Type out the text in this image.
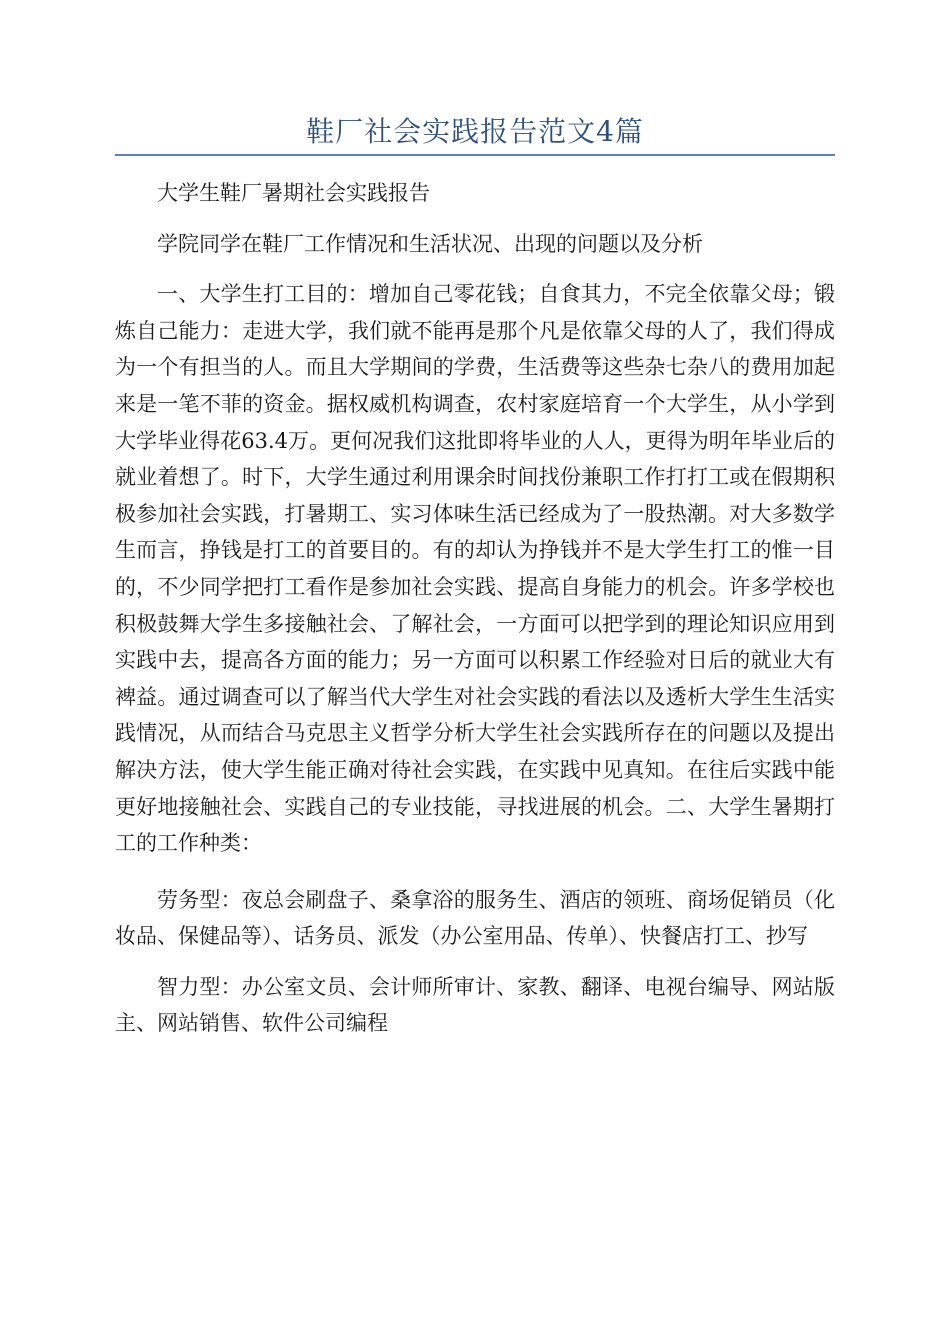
鞋厂社会实践报告范文4篇

大学生鞋厂暑期社会实践报告

学院同学在鞋厂工作情况和生活状况、出现的问题以及分析

一、大学生打工目的：增加自己零花钱；自食其力，不完全依靠父母；锻炼自己能力：走进大学，我们就不能再是那个凡是依靠父母的人了，我们得成为一个有担当的人。而且大学期间的学费，生活费等这些杂七杂八的费用加起来是一笔不菲的资金。据权威机构调查，农村家庭培育一个大学生，从小学到大学毕业得花63.4万。更何况我们这批即将毕业的人人，更得为明年毕业后的就业着想了。时下，大学生通过利用课余时间找份兼职工作打打工或在假期积极参加社会实践，打暑期工、实习体味生活已经成为了一股热潮。对大多数学生而言，挣钱是打工的首要目的。有的却认为挣钱并不是大学生打工的惟一目的，不少同学把打工看作是参加社会实践、提高自身能力的机会。许多学校也积极鼓舞大学生多接触社会、了解社会，一方面可以把学到的理论知识应用到实践中去，提高各方面的能力；另一方面可以积累工作经验对日后的就业大有裨益。通过调查可以了解当代大学生对社会实践的看法以及透析大学生生活实践情况，从而结合马克思主义哲学分析大学生社会实践所存在的问题以及提出解决方法，使大学生能正确对待社会实践，在实践中见真知。在往后实践中能更好地接触社会、实践自己的专业技能，寻找进展的机会。二、大学生暑期打工的工作种类：

劳务型：夜总会刷盘子、桑拿浴的服务生、酒店的领班、商场促销员（化妆品、保健品等）、话务员、派发（办公室用品、传单）、快餐店打工、抄写

智力型：办公室文员、会计师所审计、家教、翻译、电视台编导、网站版主、网站销售、软件公司编程
